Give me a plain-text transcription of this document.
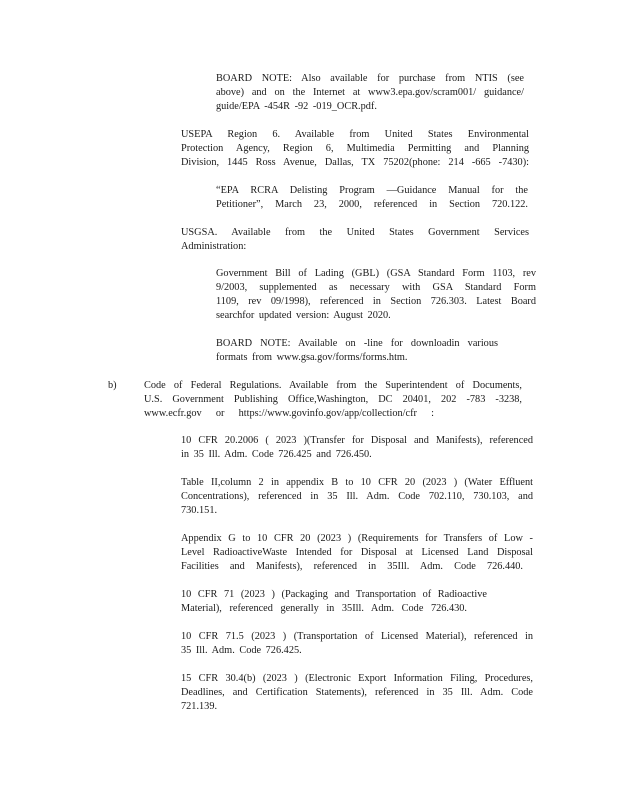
BOARD NOTE: Also available for purchase from NTIS (see
above) and on the Internet at www3.epa.gov/scram001/ guidance/
guide/EPA -454R -92 -019_OCR.pdf.
USEPA Region 6. Available from United States Environmental
Protection Agency, Region 6, Multimedia Permitting and Planning
Division, 1445 Ross Avenue, Dallas, TX 75202(phone: 214 -665 -7430):
“EPA RCRA Delisting Program —Guidance Manual for the
Petitioner”, March 23, 2000, referenced in Section 720.122.
USGSA. Available from the United States Government Services
Administration:
Government Bill of Lading (GBL) (GSA Standard Form 1103, rev
9/2003, supplemented as necessary with GSA Standard Form
1109, rev 09/1998), referenced in Section 726.303. Latest Board
searchfor updated version: August 2020.
BOARD NOTE: Available on -line for downloadin various
formats from www.gsa.gov/forms/forms.htm.
b)	Code of Federal Regulations. Available from the Superintendent of Documents,
U.S. Government Publishing Office,Washington, DC 20401, 202 -783 -3238,
www.ecfr.gov or https://www.govinfo.gov/app/collection/cfr :
10 CFR 20.2006 ( 2023 )(Transfer for Disposal and Manifests), referenced
in 35 Ill. Adm. Code 726.425 and 726.450.
Table II,column 2 in appendix B to 10 CFR 20 (2023 ) (Water Effluent
Concentrations), referenced in 35 Ill. Adm. Code 702.110, 730.103, and
730.151.
Appendix G to 10 CFR 20 (2023 ) (Requirements for Transfers of Low -
Level RadioactiveWaste Intended for Disposal at Licensed Land Disposal
Facilities and Manifests), referenced in 35Ill. Adm. Code 726.440.
10 CFR 71 (2023 ) (Packaging and Transportation of Radioactive
Material), referenced generally in 35Ill. Adm. Code 726.430.
10 CFR 71.5 (2023 ) (Transportation of Licensed Material), referenced in
35 Ill. Adm. Code 726.425.
15 CFR 30.4(b) (2023 ) (Electronic Export Information Filing, Procedures,
Deadlines, and Certification Statements), referenced in 35 Ill. Adm. Code
721.139.
